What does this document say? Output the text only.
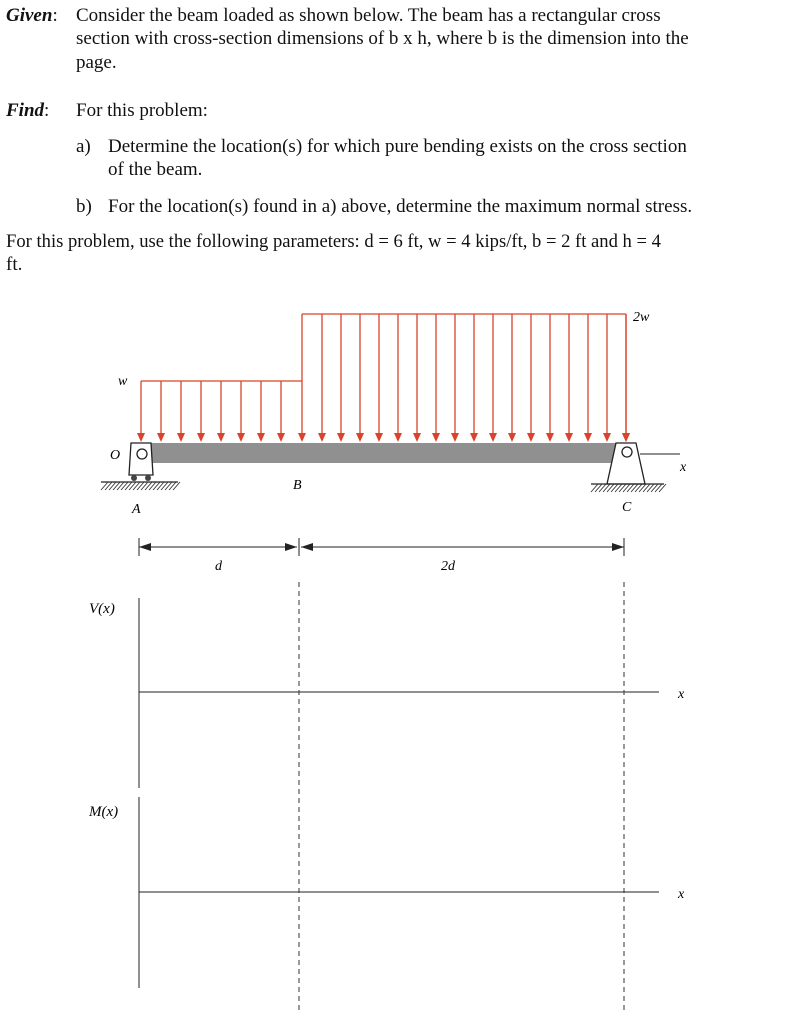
Given: Consider the beam loaded as shown below. The beam has a rectangular cross
section with cross-section dimensions of b x h, where b is the dimension into the
page.
Find: For this problem:
a) Determine the location(s) for which pure bending exists on the cross section
of the beam.
b) For the location(s) found in a) above, determine the maximum normal stress.
For this problem, use the following parameters: d = 6 ft, w = 4 kips/ft, b = 2 ft and h = 4
ft.
w
2w
O
A
B
C
x
d	2d
V(x)
x
M(x)
x
